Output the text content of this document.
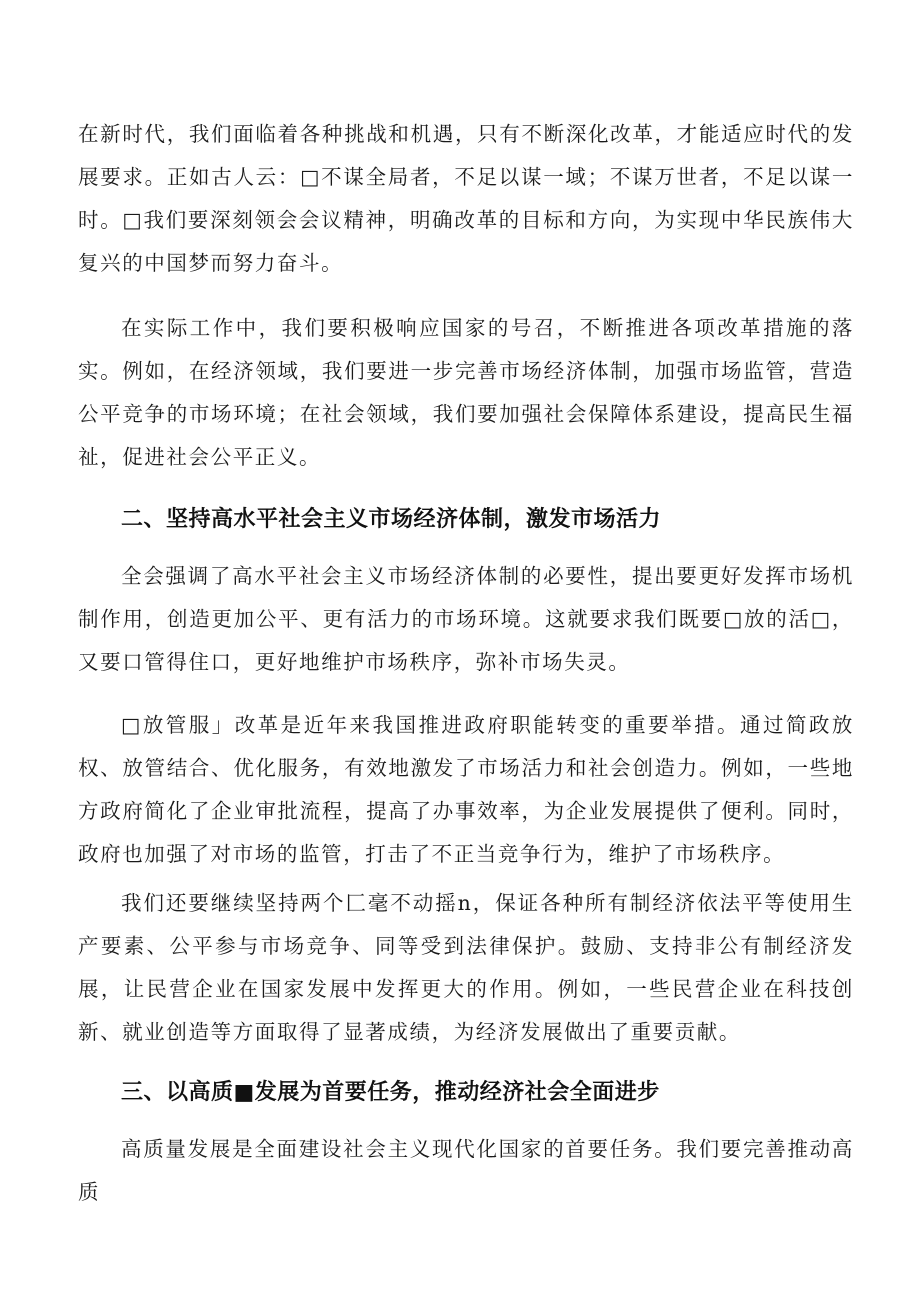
在新时代，我们面临着各种挑战和机遇，只有不断深化改革，才能适应时代的发展要求。正如古人云：□不谋全局者，不足以谋一域；不谋万世者，不足以谋一时。□我们要深刻领会会议精神，明确改革的目标和方向，为实现中华民族伟大复兴的中国梦而努力奋斗。

在实际工作中，我们要积极响应国家的号召，不断推进各项改革措施的落实。例如，在经济领域，我们要进一步完善市场经济体制，加强市场监管，营造公平竞争的市场环境；在社会领域，我们要加强社会保障体系建设，提高民生福祉，促进社会公平正义。

二、坚持高水平社会主义市场经济体制，激发市场活力

全会强调了高水平社会主义市场经济体制的必要性，提出要更好发挥市场机制作用，创造更加公平、更有活力的市场环境。这就要求我们既要□放的活□，又要口管得住口，更好地维护市场秩序，弥补市场失灵。

□放管服」改革是近年来我国推进政府职能转变的重要举措。通过简政放权、放管结合、优化服务，有效地激发了市场活力和社会创造力。例如，一些地方政府简化了企业审批流程，提高了办事效率，为企业发展提供了便利。同时，政府也加强了对市场的监管，打击了不正当竞争行为，维护了市场秩序。

我们还要继续坚持两个匚毫不动摇n，保证各种所有制经济依法平等使用生产要素、公平参与市场竞争、同等受到法律保护。鼓励、支持非公有制经济发展，让民营企业在国家发展中发挥更大的作用。例如，一些民营企业在科技创新、就业创造等方面取得了显著成绩，为经济发展做出了重要贡献。

三、以高质■发展为首要任务，推动经济社会全面进步

高质量发展是全面建设社会主义现代化国家的首要任务。我们要完善推动高质
